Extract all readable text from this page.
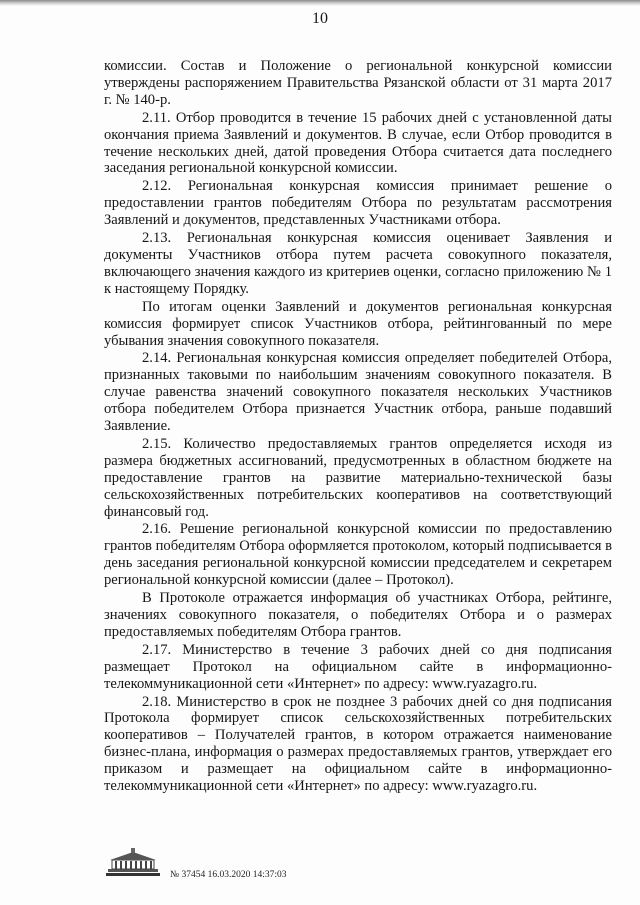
10

комиссии. Состав и Положение о региональной конкурсной комиссии утверждены распоряжением Правительства Рязанской области от 31 марта 2017 г. № 140-р.

2.11. Отбор проводится в течение 15 рабочих дней с установленной даты окончания приема Заявлений и документов. В случае, если Отбор проводится в течение нескольких дней, датой проведения Отбора считается дата последнего заседания региональной конкурсной комиссии.

2.12. Региональная конкурсная комиссия принимает решение о предоставлении грантов победителям Отбора по результатам рассмотрения Заявлений и документов, представленных Участниками отбора.

2.13. Региональная конкурсная комиссия оценивает Заявления и документы Участников отбора путем расчета совокупного показателя, включающего значения каждого из критериев оценки, согласно приложению № 1 к настоящему Порядку.

По итогам оценки Заявлений и документов региональная конкурсная комиссия формирует список Участников отбора, рейтингованный по мере убывания значения совокупного показателя.

2.14. Региональная конкурсная комиссия определяет победителей Отбора, признанных таковыми по наибольшим значениям совокупного показателя. В случае равенства значений совокупного показателя нескольких Участников отбора победителем Отбора признается Участник отбора, раньше подавший Заявление.

2.15. Количество предоставляемых грантов определяется исходя из размера бюджетных ассигнований, предусмотренных в областном бюджете на предоставление грантов на развитие материально-технической базы сельскохозяйственных потребительских кооперативов на соответствующий финансовый год.

2.16. Решение региональной конкурсной комиссии по предоставлению грантов победителям Отбора оформляется протоколом, который подписывается в день заседания региональной конкурсной комиссии председателем и секретарем региональной конкурсной комиссии (далее – Протокол).

В Протоколе отражается информация об участниках Отбора, рейтинге, значениях совокупного показателя, о победителях Отбора и о размерах предоставляемых победителям Отбора грантов.

2.17. Министерство в течение 3 рабочих дней со дня подписания размещает Протокол на официальном сайте в информационно-телекоммуникационной сети «Интернет» по адресу: www.ryazagro.ru.

2.18. Министерство в срок не позднее 3 рабочих дней со дня подписания Протокола формирует список сельскохозяйственных потребительских кооперативов – Получателей грантов, в котором отражается наименование бизнес-плана, информация о размерах предоставляемых грантов, утверждает его приказом и размещает на официальном сайте в информационно-телекоммуникационной сети «Интернет» по адресу: www.ryazagro.ru.

№ 37454 16.03.2020 14:37:03
